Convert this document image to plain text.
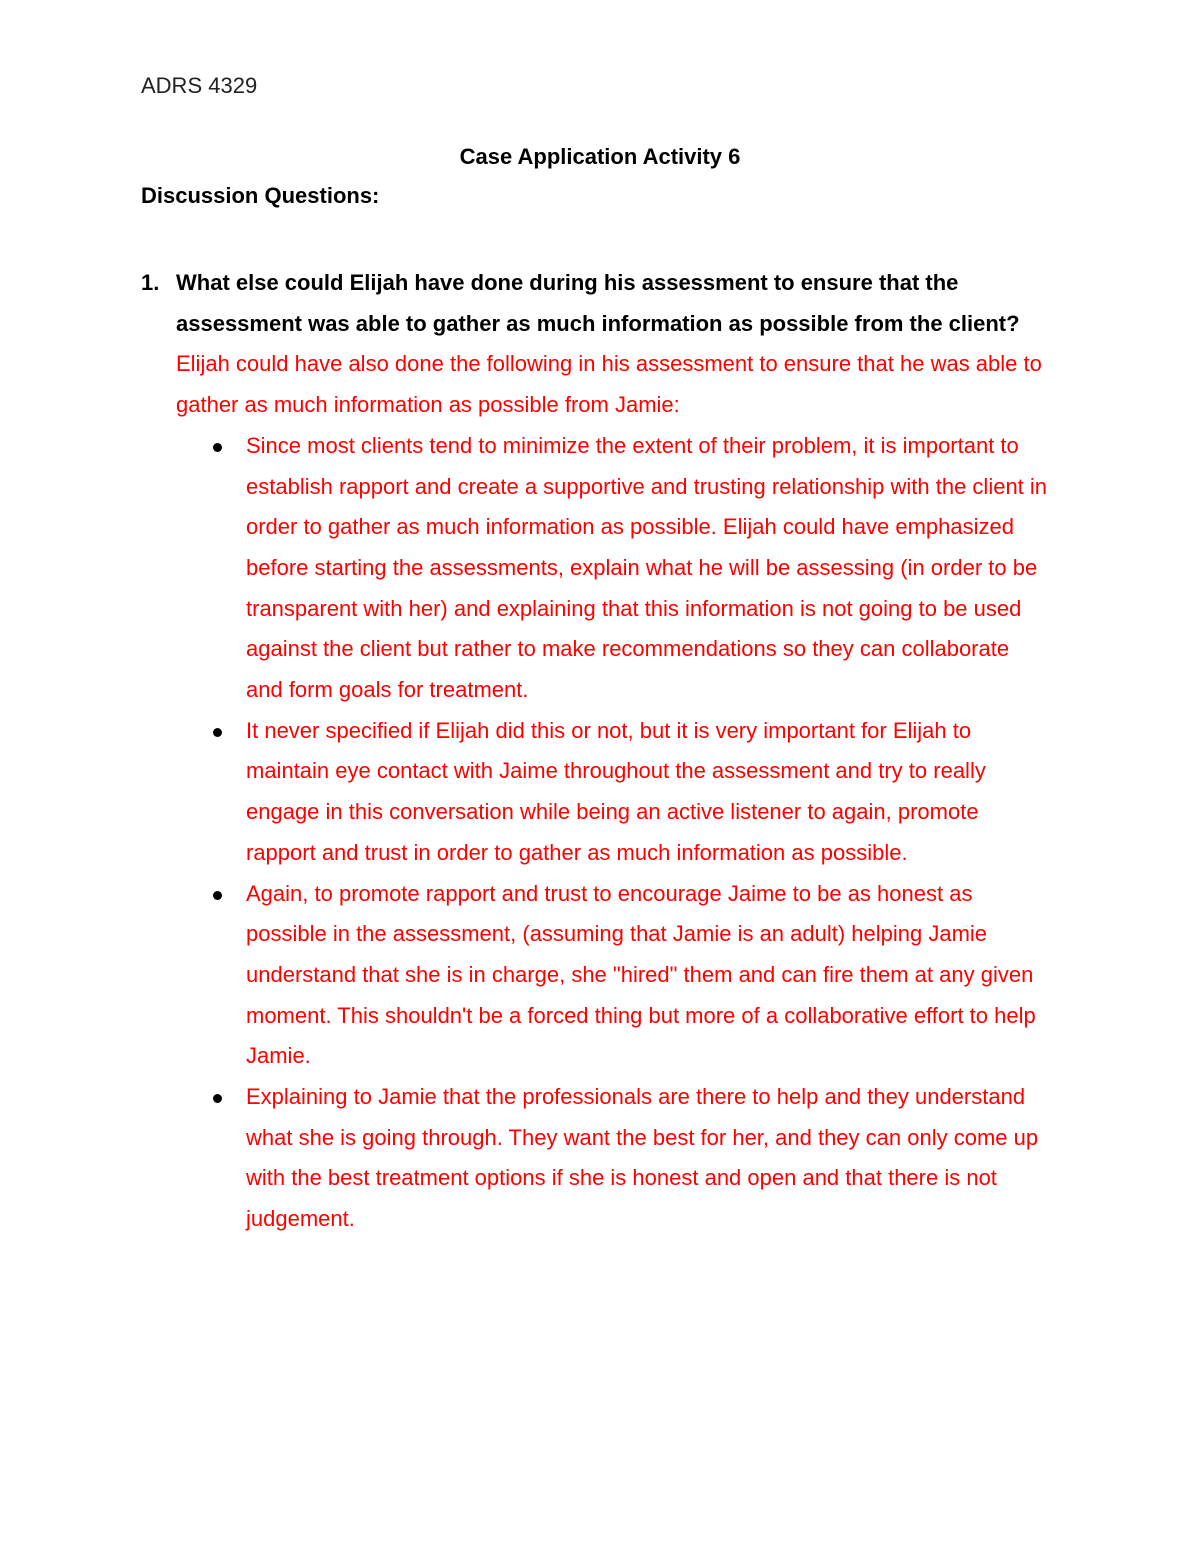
ADRS 4329

Case Application Activity 6

Discussion Questions:

1. What else could Elijah have done during his assessment to ensure that the assessment was able to gather as much information as possible from the client?

Elijah could have also done the following in his assessment to ensure that he was able to gather as much information as possible from Jamie:

Since most clients tend to minimize the extent of their problem, it is important to establish rapport and create a supportive and trusting relationship with the client in order to gather as much information as possible. Elijah could have emphasized before starting the assessments, explain what he will be assessing (in order to be transparent with her) and explaining that this information is not going to be used against the client but rather to make recommendations so they can collaborate and form goals for treatment.

It never specified if Elijah did this or not, but it is very important for Elijah to maintain eye contact with Jaime throughout the assessment and try to really engage in this conversation while being an active listener to again, promote rapport and trust in order to gather as much information as possible.

Again, to promote rapport and trust to encourage Jaime to be as honest as possible in the assessment, (assuming that Jamie is an adult) helping Jamie understand that she is in charge, she "hired" them and can fire them at any given moment. This shouldn't be a forced thing but more of a collaborative effort to help Jamie.

Explaining to Jamie that the professionals are there to help and they understand what she is going through. They want the best for her, and they can only come up with the best treatment options if she is honest and open and that there is not judgement.
